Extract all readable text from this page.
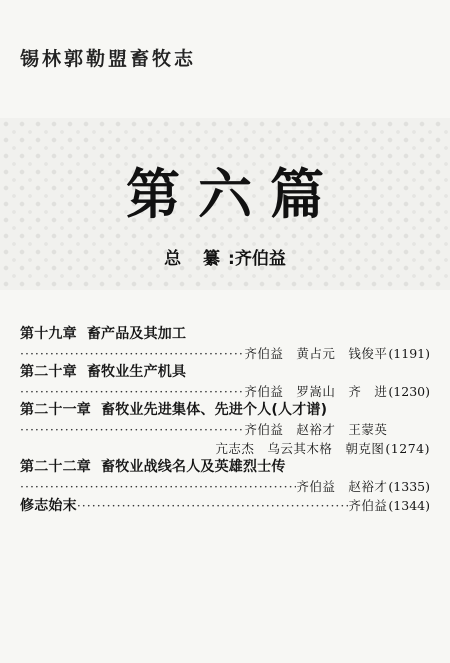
锡林郭勒盟畜牧志
第六篇
总 纂:齐伯益
第十九章 畜产品及其加工
·····
齐伯益　黄占元　钱俊平 (1191)
第二十章 畜牧业生产机具
·····
齐伯益　罗嵩山　齐　进 (1230)
第二十一章 畜牧业先进集体、先进个人(人才谱)
·····
齐伯益　赵裕才　王蒙英
亢志杰　乌云其木格　朝克图(1274)
第二十二章 畜牧业战线名人及英雄烈士传
·····
齐伯益　赵裕才 (1335)
修志始末
·····	齐伯益 (1344)
